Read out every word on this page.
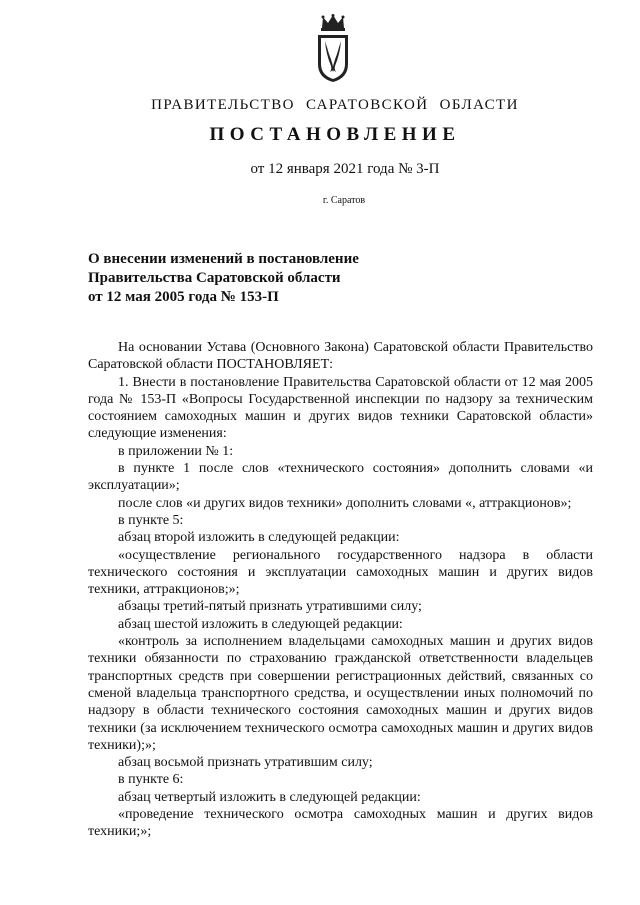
ПРАВИТЕЛЬСТВО САРАТОВСКОЙ ОБЛАСТИ
ПОСТАНОВЛЕНИЕ
от 12 января 2021 года № 3-П
г. Саратов
О внесении изменений в постановление
Правительства Саратовской области
от 12 мая 2005 года № 153-П

На основании Устава (Основного Закона) Саратовской области Правительство Саратовской области ПОСТАНОВЛЯЕТ:

1. Внести в постановление Правительства Саратовской области от 12 мая 2005 года № 153-П «Вопросы Государственной инспекции по надзору за техническим состоянием самоходных машин и других видов техники Саратовской области» следующие изменения:

в приложении № 1:

в пункте 1 после слов «технического состояния» дополнить словами «и эксплуатации»;

после слов «и других видов техники» дополнить словами «, аттракционов»;

в пункте 5:

абзац второй изложить в следующей редакции:

«осуществление регионального государственного надзора в области технического состояния и эксплуатации самоходных машин и других видов техники, аттракционов;»;

абзацы третий-пятый признать утратившими силу;

абзац шестой изложить в следующей редакции:

«контроль за исполнением владельцами самоходных машин и других видов техники обязанности по страхованию гражданской ответственности владельцев транспортных средств при совершении регистрационных действий, связанных со сменой владельца транспортного средства, и осуществлении иных полномочий по надзору в области технического состояния самоходных машин и других видов техники (за исключением технического осмотра самоходных машин и других видов техники);»;

абзац восьмой признать утратившим силу;

в пункте 6:

абзац четвертый изложить в следующей редакции:

«проведение технического осмотра самоходных машин и других видов техники;»;
